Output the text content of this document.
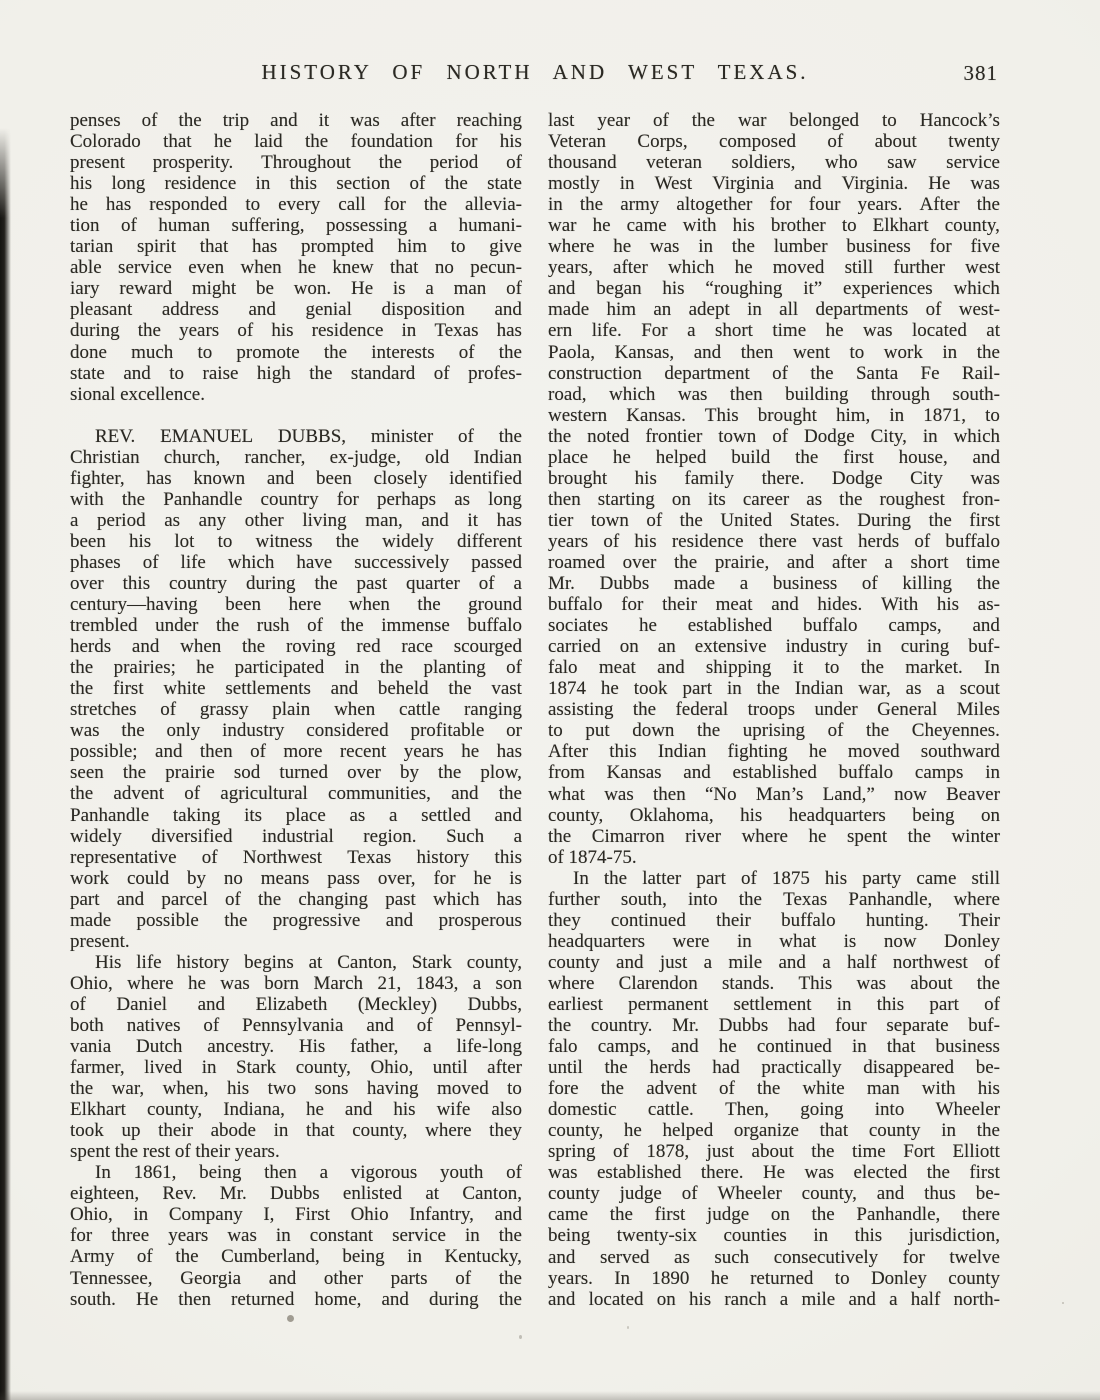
HISTORY OF NORTH AND WEST TEXAS.	381
penses of the trip and it was after reaching
Colorado that he laid the foundation for his
present prosperity. Throughout the period of
his long residence in this section of the state
he has responded to every call for the allevia-
tion of human suffering, possessing a humani-
tarian spirit that has prompted him to give
able service even when he knew that no pecun-
iary reward might be won. He is a man of
pleasant address and genial disposition and
during the years of his residence in Texas has
done much to promote the interests of the
state and to raise high the standard of profes-
sional excellence.
REV. EMANUEL DUBBS, minister of the
Christian church, rancher, ex-judge, old Indian
fighter, has known and been closely identified
with the Panhandle country for perhaps as long
a period as any other living man, and it has
been his lot to witness the widely different
phases of life which have successively passed
over this country during the past quarter of a
century—having been here when the ground
trembled under the rush of the immense buffalo
herds and when the roving red race scourged
the prairies; he participated in the planting of
the first white settlements and beheld the vast
stretches of grassy plain when cattle ranging
was the only industry considered profitable or
possible; and then of more recent years he has
seen the prairie sod turned over by the plow,
the advent of agricultural communities, and the
Panhandle taking its place as a settled and
widely diversified industrial region. Such a
representative of Northwest Texas history this
work could by no means pass over, for he is
part and parcel of the changing past which has
made possible the progressive and prosperous
present.
His life history begins at Canton, Stark county,
Ohio, where he was born March 21, 1843, a son
of Daniel and Elizabeth (Meckley) Dubbs,
both natives of Pennsylvania and of Pennsyl-
vania Dutch ancestry. His father, a life-long
farmer, lived in Stark county, Ohio, until after
the war, when, his two sons having moved to
Elkhart county, Indiana, he and his wife also
took up their abode in that county, where they
spent the rest of their years.
In 1861, being then a vigorous youth of
eighteen, Rev. Mr. Dubbs enlisted at Canton,
Ohio, in Company I, First Ohio Infantry, and
for three years was in constant service in the
Army of the Cumberland, being in Kentucky,
Tennessee, Georgia and other parts of the
south. He then returned home, and during the
last year of the war belonged to Hancock’s
Veteran Corps, composed of about twenty
thousand veteran soldiers, who saw service
mostly in West Virginia and Virginia. He was
in the army altogether for four years. After the
war he came with his brother to Elkhart county,
where he was in the lumber business for five
years, after which he moved still further west
and began his “roughing it” experiences which
made him an adept in all departments of west-
ern life. For a short time he was located at
Paola, Kansas, and then went to work in the
construction department of the Santa Fe Rail-
road, which was then building through south-
western Kansas. This brought him, in 1871, to
the noted frontier town of Dodge City, in which
place he helped build the first house, and
brought his family there. Dodge City was
then starting on its career as the roughest fron-
tier town of the United States. During the first
years of his residence there vast herds of buffalo
roamed over the prairie, and after a short time
Mr. Dubbs made a business of killing the
buffalo for their meat and hides. With his as-
sociates he established buffalo camps, and
carried on an extensive industry in curing buf-
falo meat and shipping it to the market. In
1874 he took part in the Indian war, as a scout
assisting the federal troops under General Miles
to put down the uprising of the Cheyennes.
After this Indian fighting he moved southward
from Kansas and established buffalo camps in
what was then “No Man’s Land,” now Beaver
county, Oklahoma, his headquarters being on
the Cimarron river where he spent the winter
of 1874-75.
In the latter part of 1875 his party came still
further south, into the Texas Panhandle, where
they continued their buffalo hunting. Their
headquarters were in what is now Donley
county and just a mile and a half northwest of
where Clarendon stands. This was about the
earliest permanent settlement in this part of
the country. Mr. Dubbs had four separate buf-
falo camps, and he continued in that business
until the herds had practically disappeared be-
fore the advent of the white man with his
domestic cattle. Then, going into Wheeler
county, he helped organize that county in the
spring of 1878, just about the time Fort Elliott
was established there. He was elected the first
county judge of Wheeler county, and thus be-
came the first judge on the Panhandle, there
being twenty-six counties in this jurisdiction,
and served as such consecutively for twelve
years. In 1890 he returned to Donley county
and located on his ranch a mile and a half north-
